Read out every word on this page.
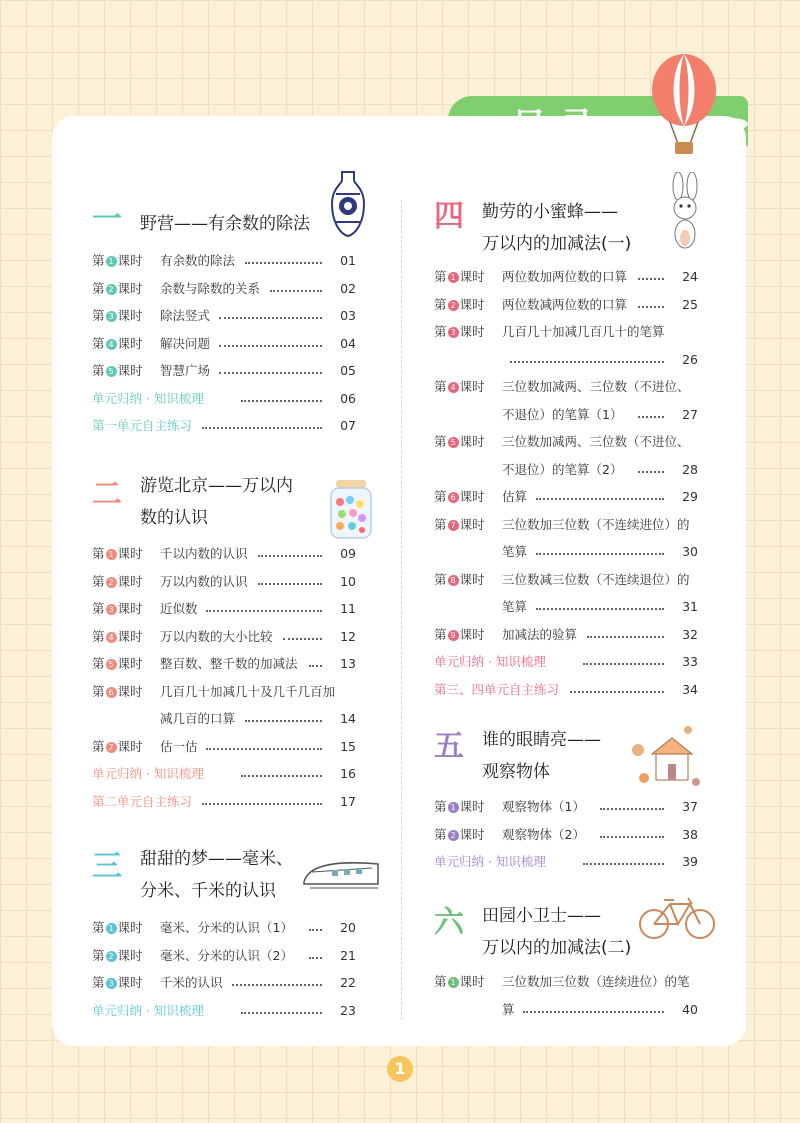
目录
一 野营——有余数的除法
第 1 课时 有余数的除法	01
第 2 课时 余数与除数的关系	02
第 3 课时 除法竖式	03
第 4 课时 解决问题	04
第 5 课时 智慧广场	05
单元归纳 · 知识梳理	06
第一单元自主练习	07
二 游览北京——万以内
数的认识
第 1 课时 千以内数的认识	09
第 2 课时 万以内数的认识	10
第 3 课时 近似数	11
第 4 课时 万以内数的大小比较	12
第 5 课时 整百数、整千数的加减法	13
第 6 课时 几百几十加减几十及几千几百加
减几百的口算	14
第 7 课时 估一估	15
单元归纳 · 知识梳理	16
第二单元自主练习	17
三 甜甜的梦——毫米、
分米、千米的认识
第 1 课时 毫米、分米的认识（1）	20
第 2 课时 毫米、分米的认识（2）	21
第 3 课时 千米的认识	22
单元归纳 · 知识梳理	23
四 勤劳的小蜜蜂——
万以内的加减法(一)
第 1 课时 两位数加两位数的口算	24
第 2 课时 两位数减两位数的口算	25
第 3 课时 几百几十加减几百几十的笔算
26
第 4 课时 三位数加减两、三位数（不进位、
不退位）的笔算（1）	27
第 5 课时 三位数加减两、三位数（不进位、
不退位）的笔算（2）	28
第 6 课时 估算	29
第 7 课时 三位数加三位数（不连续进位）的
笔算	30
第 8 课时 三位数减三位数（不连续退位）的
笔算	31
第 9 课时 加减法的验算	32
单元归纳 · 知识梳理	33
第三、四单元自主练习	34
五 谁的眼睛亮——
观察物体
第 1 课时 观察物体（1）	37
第 2 课时 观察物体（2）	38
单元归纳 · 知识梳理	39
六 田园小卫士——
万以内的加减法(二)
第 1 课时 三位数加三位数（连续进位）的笔
算	40
1
